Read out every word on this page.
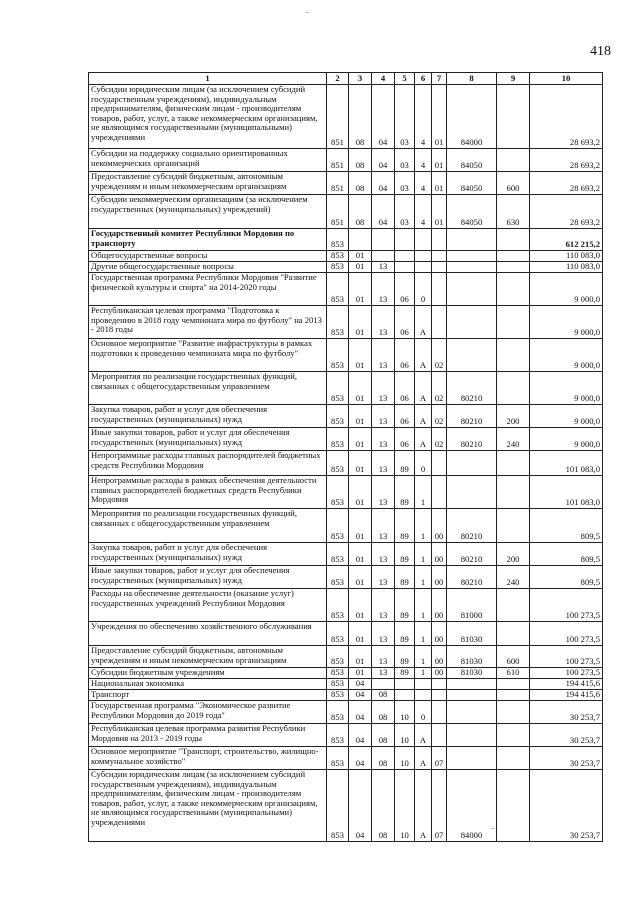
418
1	2	3	4	5	6	7	8	9	10
Субсидии юридическим лицам (за исключением субсидий государственным учреждениям), индивидуальным предпринимателям, физическим лицам - производителям товаров, работ, услуг, а также некоммерческим организациям, не являющимся государственными (муниципальными) учреждениями	851	08	04	03	4	01	84000		28 693,2
Субсидии на поддержку социально ориентированных некоммерческих организаций	851	08	04	03	4	01	84050		28 693,2
Предоставление субсидий бюджетным, автономным учреждениям и иным некоммерческим организациям	851	08	04	03	4	01	84050	600	28 693,2
Субсидии некоммерческим организациям (за исключением государственных (муниципальных) учреждений)	851	08	04	03	4	01	84050	630	28 693,2
Государственный комитет Республики Мордовия по транспорту	853								612 215,2
Общегосударственные вопросы	853	01							110 083,0
Другие общегосударственные вопросы	853	01	13						110 083,0
Государственная программа Республики Мордовия "Развитие физической культуры и спорта" на 2014-2020 годы	853	01	13	06	0				9 000,0
Республиканская целевая программа "Подготовка к проведению в 2018 году чемпионата мира по футболу" на 2013 - 2018 годы	853	01	13	06	А				9 000,0
Основное мероприятие "Развитие инфраструктуры в рамках подготовки к проведению чемпионата мира по футболу"	853	01	13	06	А	02			9 000,0
Мероприятия по реализации государственных функций, связанных с общегосударственным управлением	853	01	13	06	А	02	80210		9 000,0
Закупка товаров, работ и услуг для обеспечения государственных (муниципальных) нужд	853	01	13	06	А	02	80210	200	9 000,0
Иные закупки товаров, работ и услуг для обеспечения государственных (муниципальных) нужд	853	01	13	06	А	02	80210	240	9 000,0
Непрограммные расходы главных распорядителей бюджетных средств Республики Мордовия	853	01	13	89	0				101 083,0
Непрограммные расходы в рамках обеспечения деятельности главных распорядителей бюджетных средств Республики Мордовия	853	01	13	89	1				101 083,0
Мероприятия по реализации государственных функций, связанных с общегосударственным управлением	853	01	13	89	1	00	80210		809,5
Закупка товаров, работ и услуг для обеспечения государственных (муниципальных) нужд	853	01	13	89	1	00	80210	200	809,5
Иные закупки товаров, работ и услуг для обеспечения государственных (муниципальных) нужд	853	01	13	89	1	00	80210	240	809,5
Расходы на обеспечение деятельности (оказание услуг) государственных учреждений Республики Мордовия	853	01	13	89	1	00	81000		100 273,5
Учреждения по обеспечению хозяйственного обслуживания	853	01	13	89	1	00	81030		100 273,5
Предоставление субсидий бюджетным, автономным учреждениям и иным некоммерческим организациям	853	01	13	89	1	00	81030	600	100 273,5
Субсидии бюджетным учреждениям	853	01	13	89	1	00	81030	610	100 273,5
Национальная экономика	853	04							194 415,6
Транспорт	853	04	08						194 415,6
Государственная программа "Экономическое развитие Республики Мордовия до 2019 года"	853	04	08	10	0				30 253,7
Республиканская целевая программа развития Республики Мордовия на 2013 - 2019 годы	853	04	08	10	А				30 253,7
Основное мероприятие "Транспорт, строительство, жилищно-коммунальное хозяйство"	853	04	08	10	А	07			30 253,7
Субсидии юридическим лицам (за исключением субсидий государственным учреждениям), индивидуальным предпринимателям, физическим лицам - производителям товаров, работ, услуг, а также некоммерческим организациям, не являющимся государственными (муниципальными) учреждениями	853	04	08	10	А	07	84000		30 253,7
